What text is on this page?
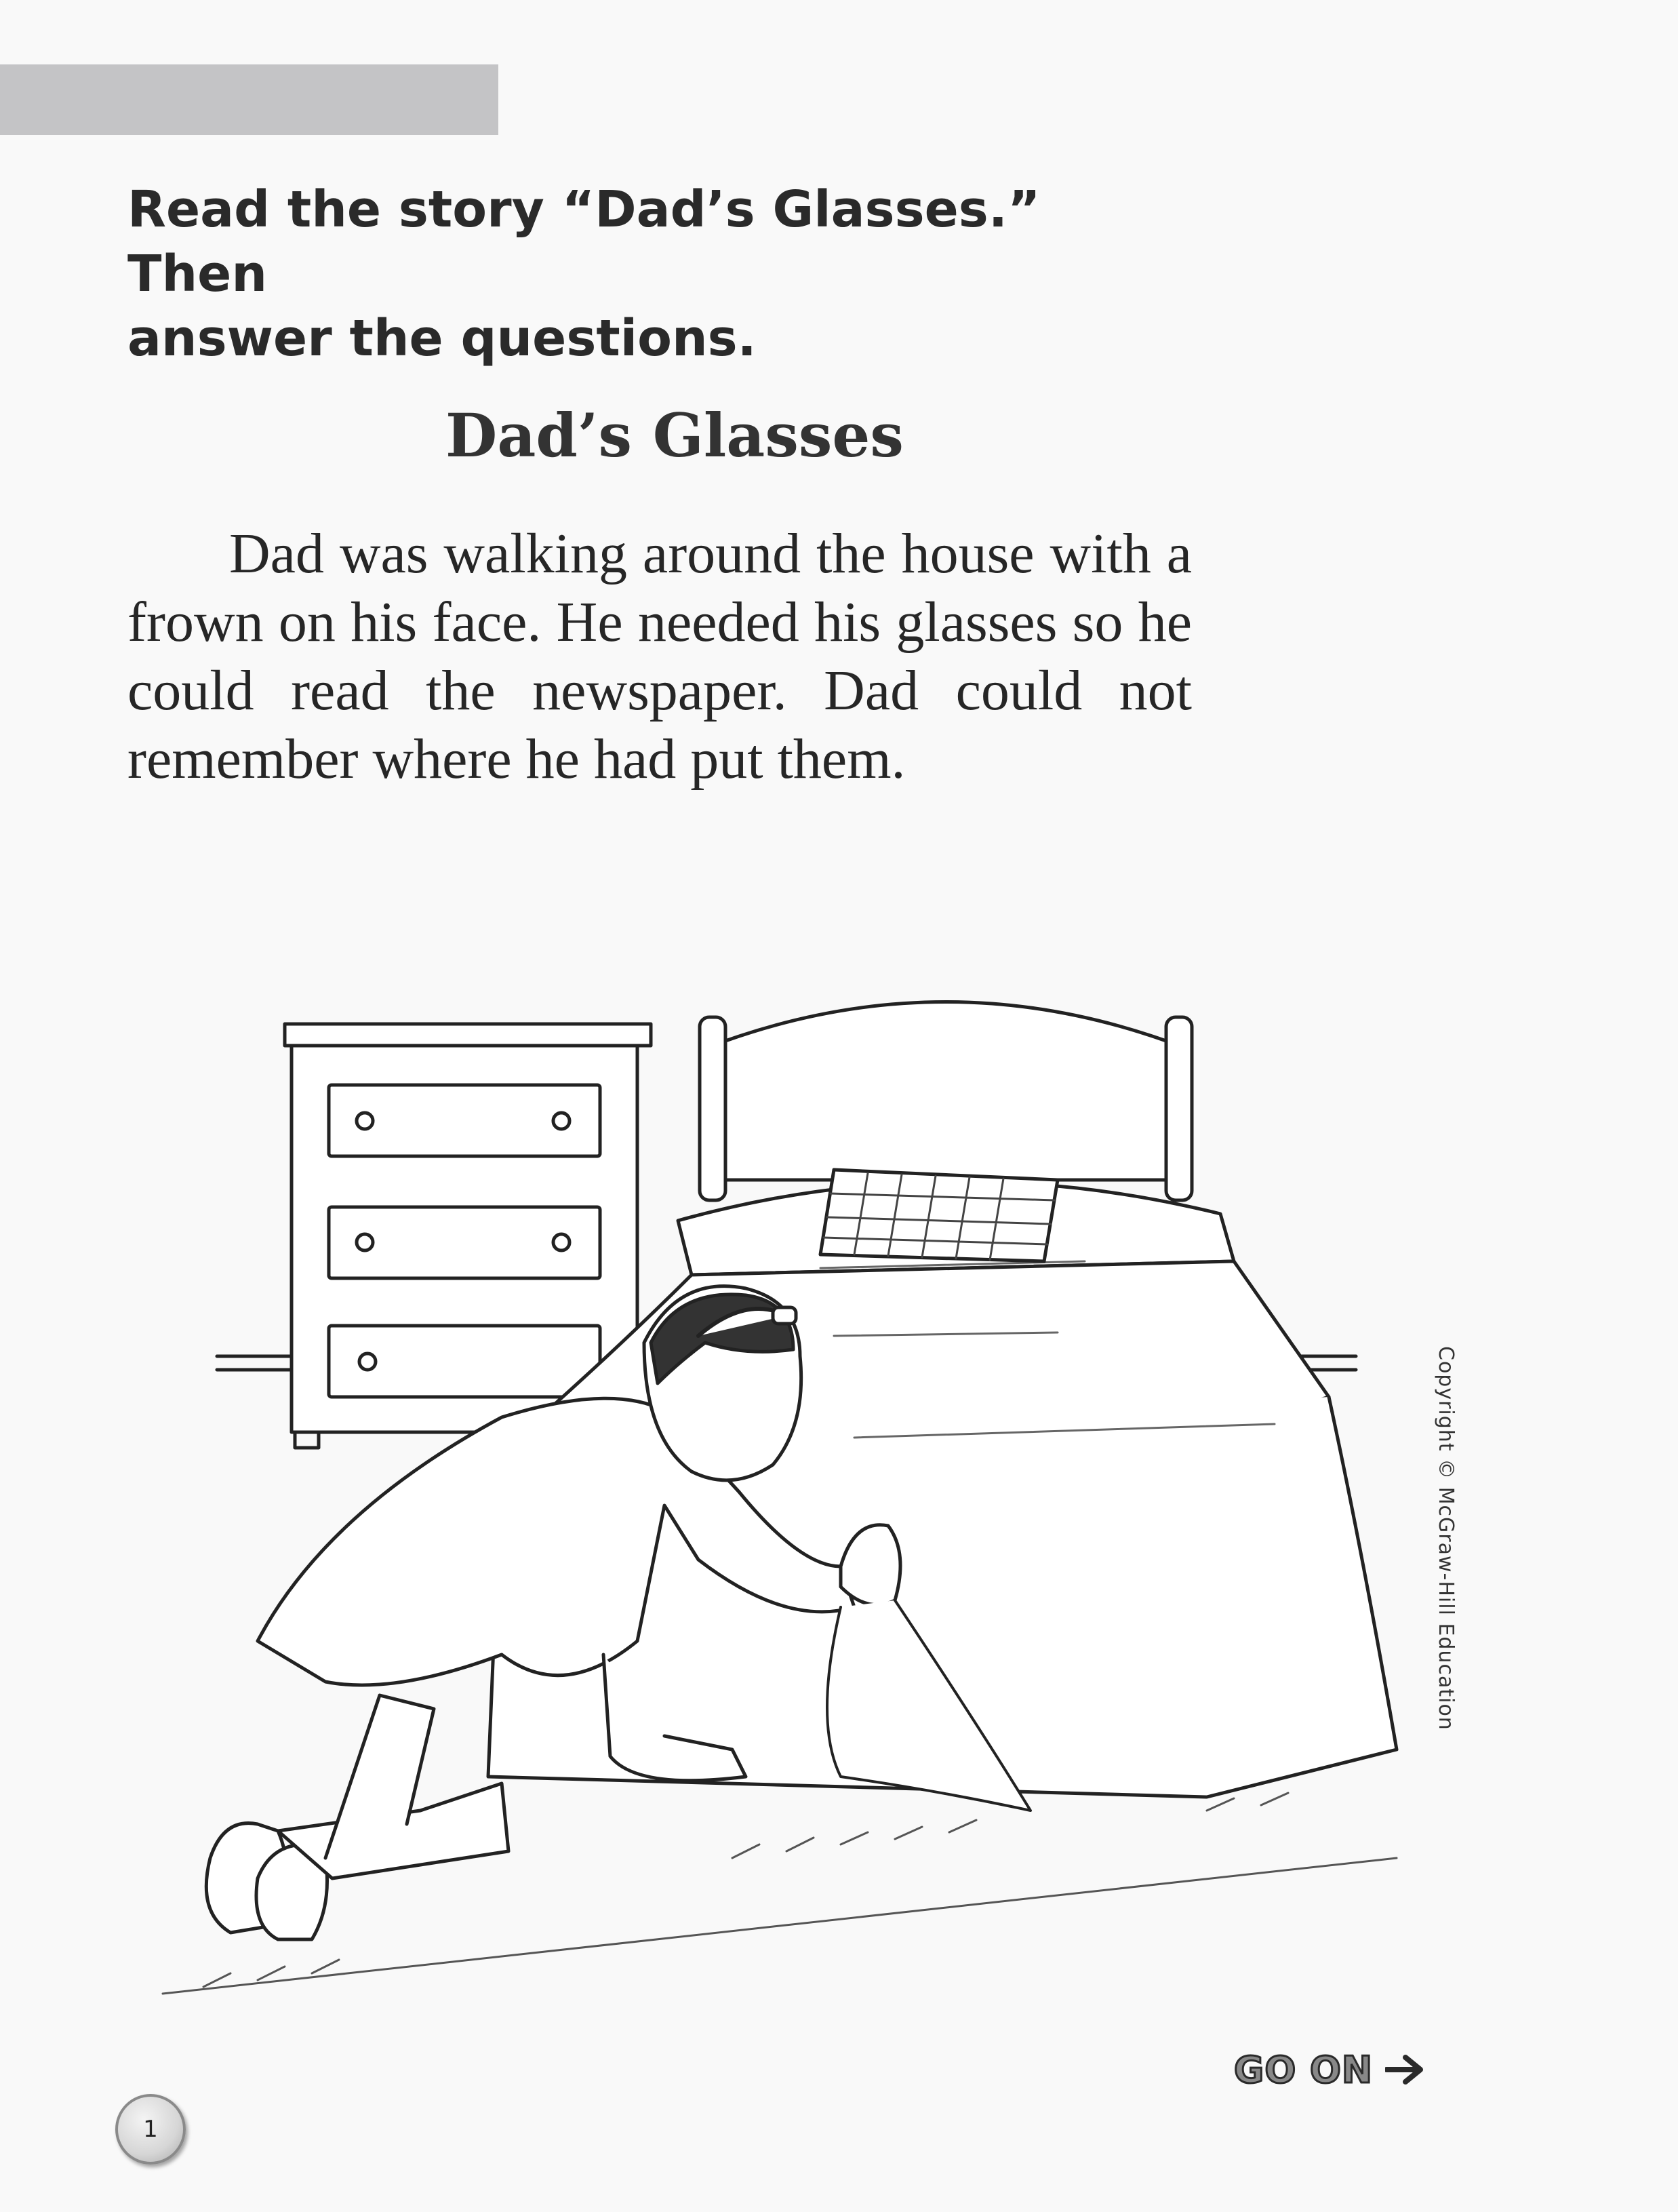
Read the story “Dad’s Glasses.” Then
answer the questions.
Dad’s Glasses
Dad was walking around the house with a frown on his face. He needed his glasses so he could read the newspaper. Dad could not remember where he had put them.
Copyright © McGraw-Hill Education
GO ON
1
